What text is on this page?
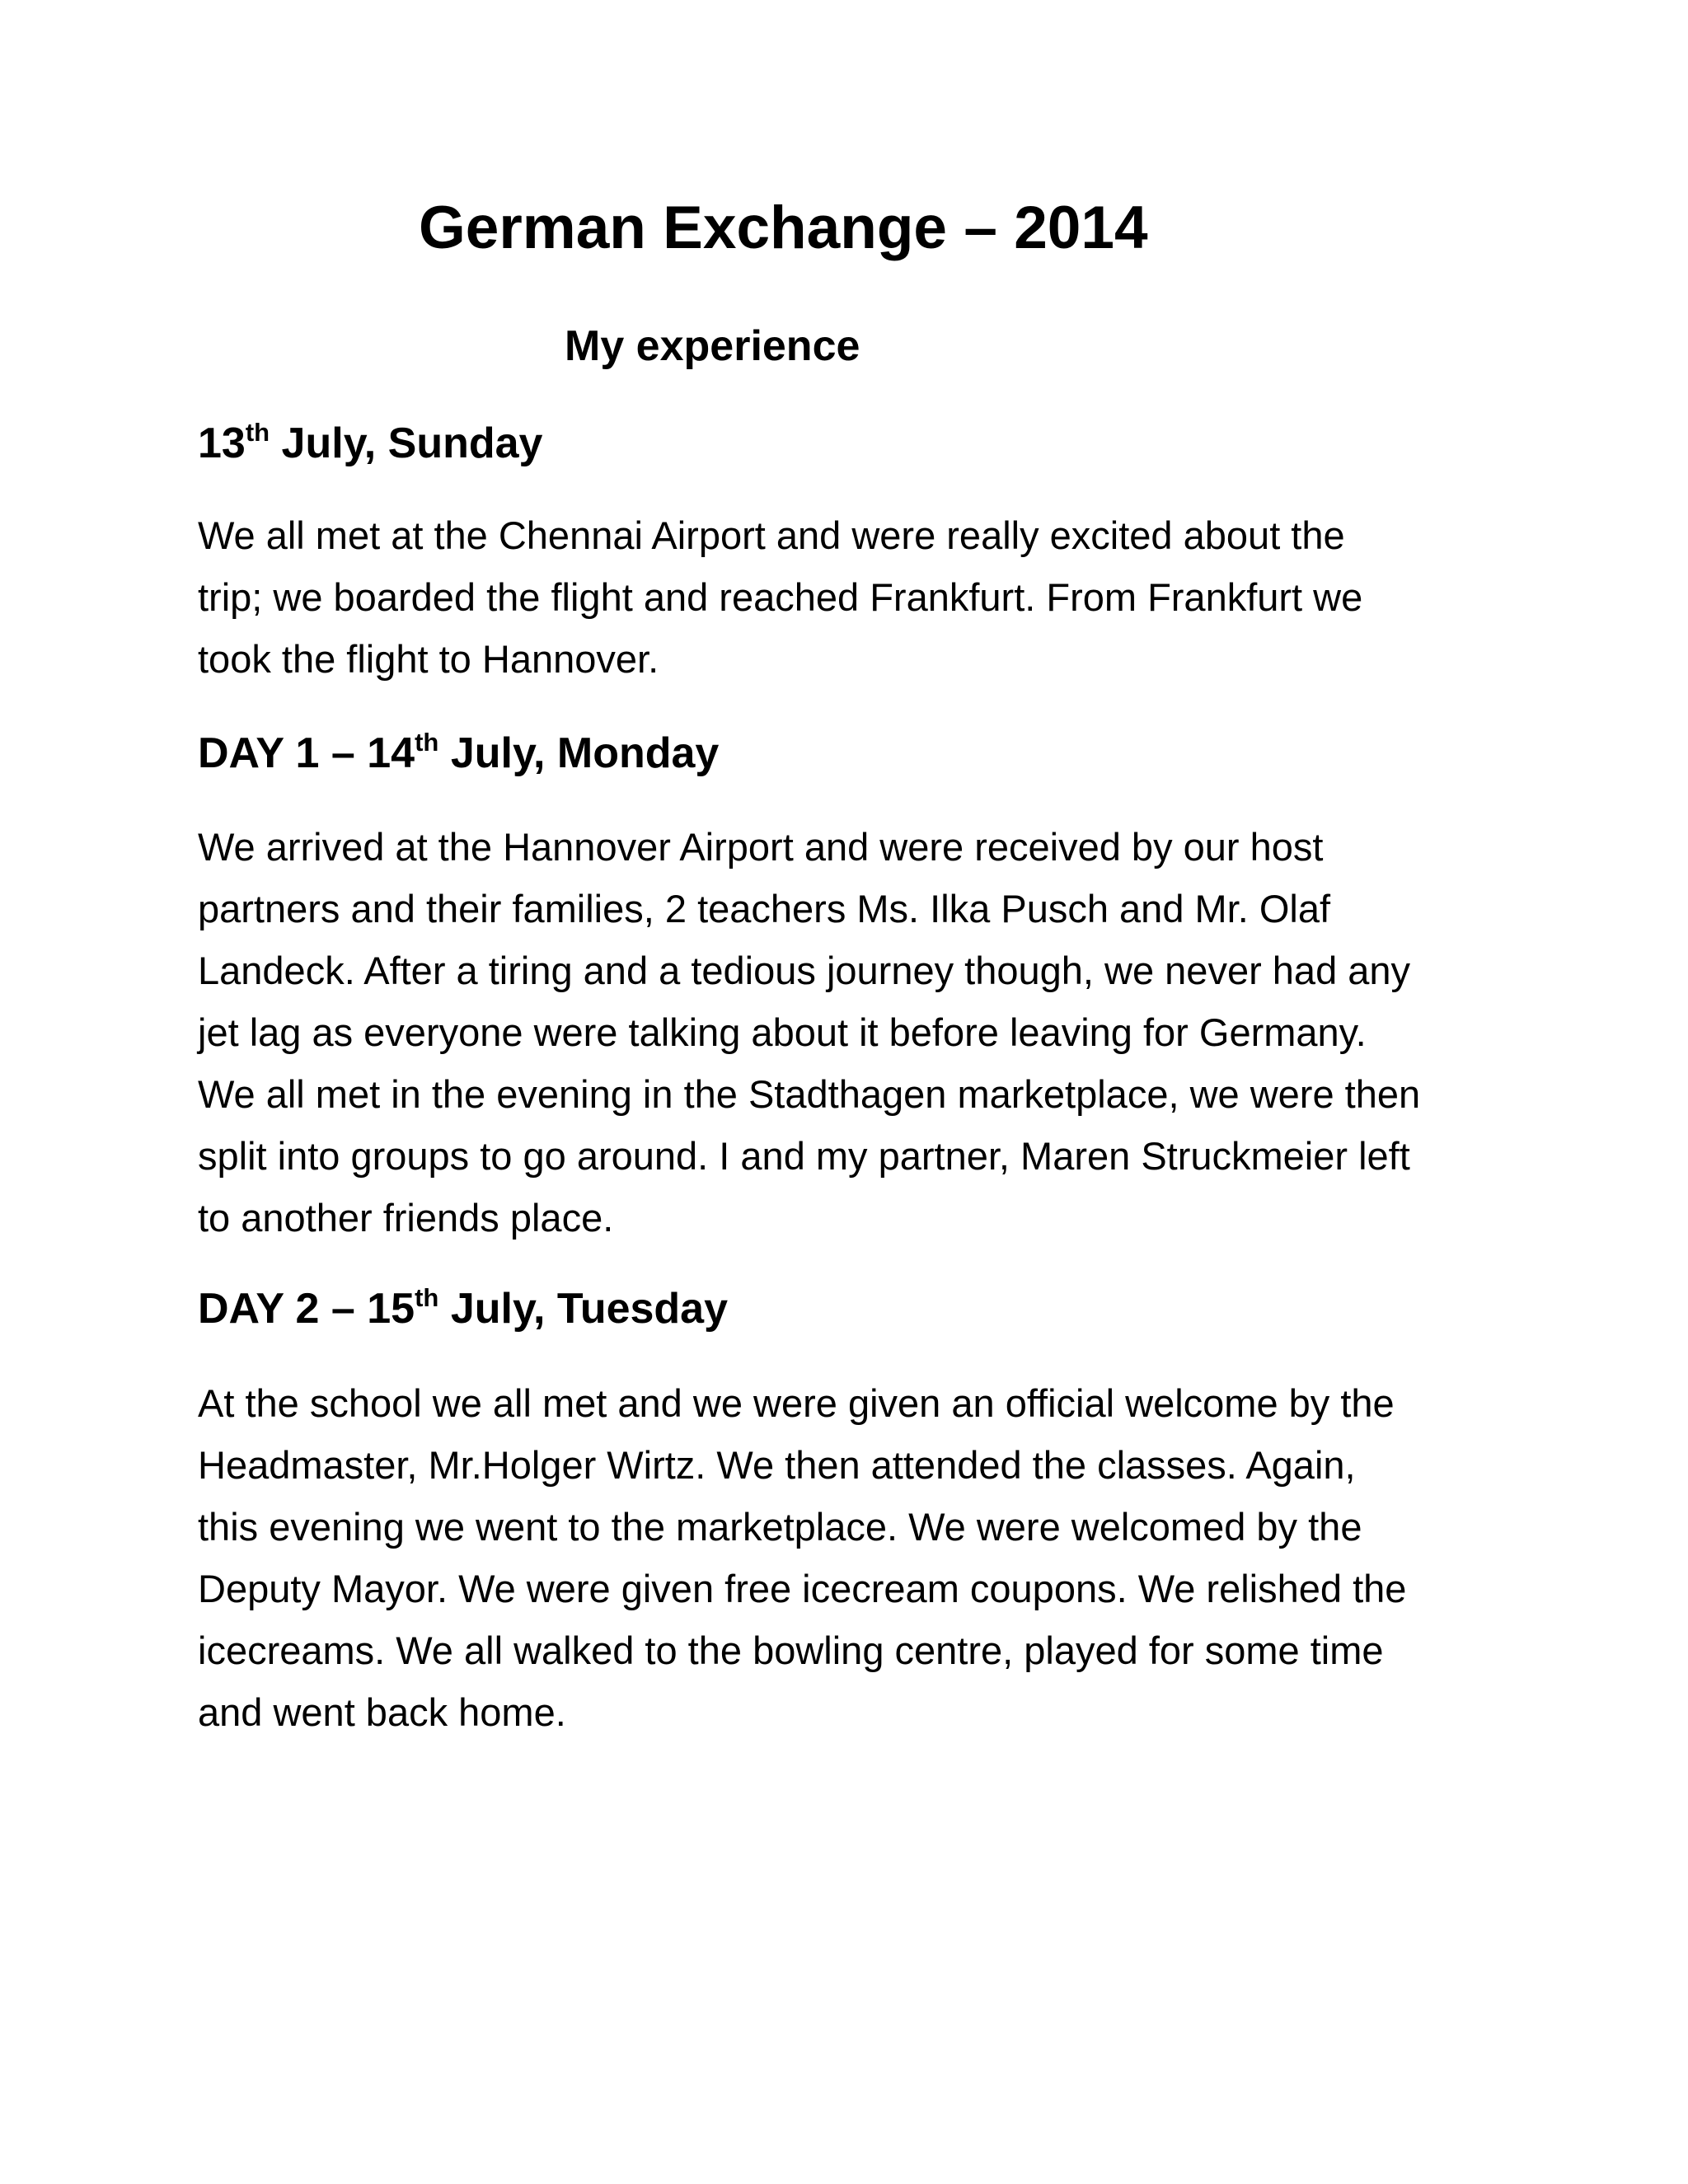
German Exchange – 2014
My experience
13th July, Sunday
We all met at the Chennai Airport and were really excited about the
trip; we boarded the flight and reached Frankfurt. From Frankfurt we
took the flight to Hannover.
DAY 1 – 14th July, Monday
We arrived at the Hannover Airport and were received by our host
partners and their families, 2 teachers Ms. Ilka Pusch and Mr. Olaf
Landeck. After a tiring and a tedious journey though, we never had any
jet lag as everyone were talking about it before leaving for Germany.
We all met in the evening in the Stadthagen marketplace, we were then
split into groups to go around. I and my partner, Maren Struckmeier left
to another friends place.
DAY 2 – 15th July, Tuesday
At the school we all met and we were given an official welcome by the
Headmaster, Mr.Holger Wirtz. We then attended the classes. Again,
this evening we went to the marketplace. We were welcomed by the
Deputy Mayor. We were given free icecream coupons. We relished the
icecreams. We all walked to the bowling centre, played for some time
and went back home.
